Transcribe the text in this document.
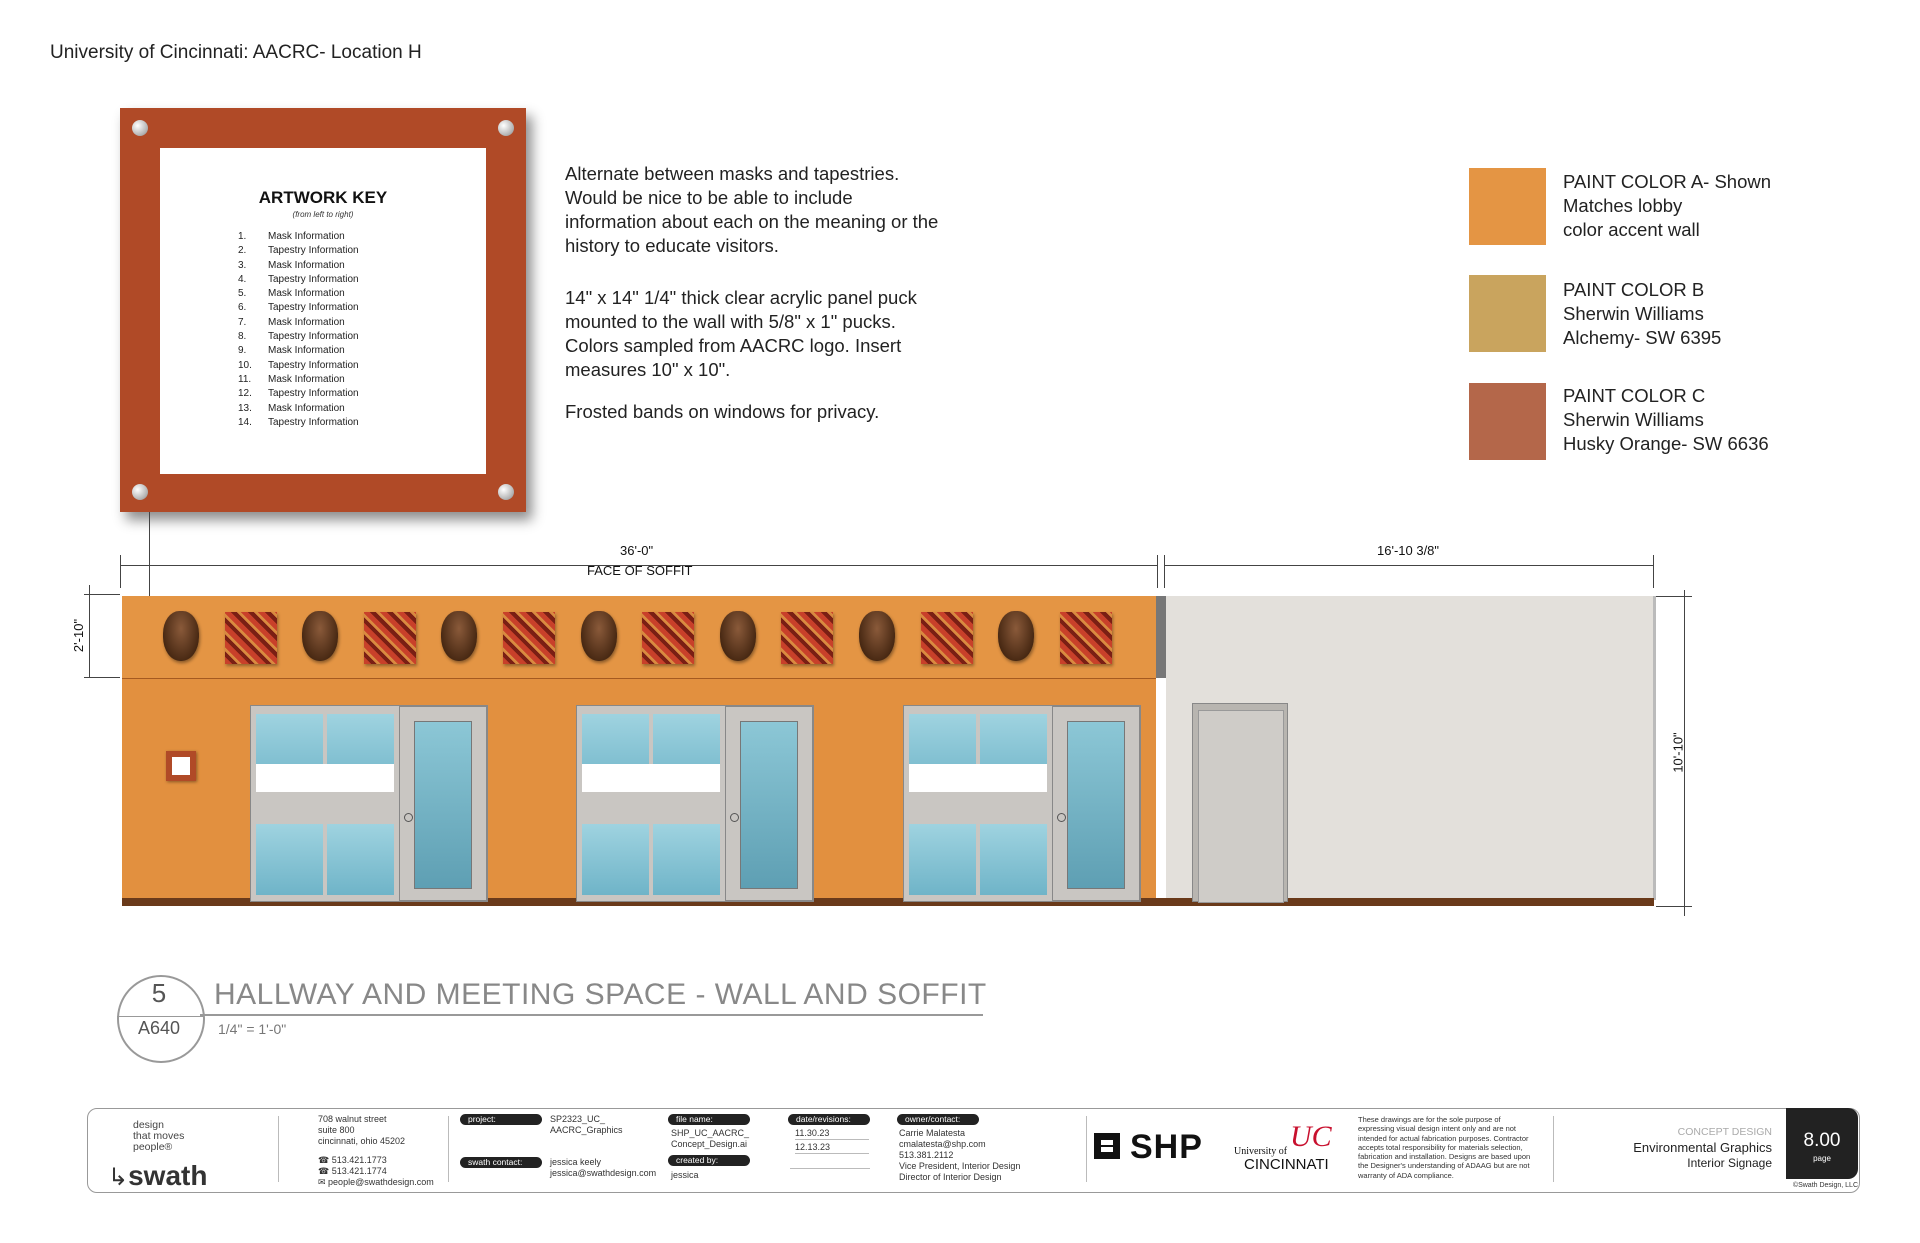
University of Cincinnati: AACRC- Location H
ARTWORK KEY
(from left to right)
1.	Mask Information
2.	Tapestry Information
3.	Mask Information
4.	Tapestry Information
5.	Mask Information
6.	Tapestry Information
7.	Mask Information
8.	Tapestry Information
9.	Mask Information
10.	Tapestry Information
11.	Mask Information
12.	Tapestry Information
13.	Mask Information
14.	Tapestry Information
Alternate between masks and tapestries. Would be nice to be able to include information about each on the meaning or the history to educate visitors.
14" x 14" 1/4" thick clear acrylic panel puck mounted to the wall with 5/8" x 1" pucks. Colors sampled from AACRC logo. Insert measures 10" x 10".
Frosted bands on windows for privacy.
PAINT COLOR A- Shown
Matches lobby
color accent wall
PAINT COLOR B
Sherwin Williams
Alchemy- SW 6395
PAINT COLOR C
Sherwin Williams
Husky Orange- SW 6636
36'-0"
FACE OF SOFFIT
16'-10 3/8"
2'-10"
10'-10"
5
A640
HALLWAY AND MEETING SPACE - WALL AND SOFFIT
1/4" = 1'-0"
design
that moves
people®
↳swath
708 walnut street
suite 800
cincinnati, ohio 45202
☎ 513.421.1773
☎ 513.421.1774
✉ people@swathdesign.com
project:	SP2323_UC_
AACRC_Graphics
swath contact:	jessica keely
jessica@swathdesign.com
file name:
SHP_UC_AACRC_
Concept_Design.ai
created by:
jessica
date/revisions:
11.30.23
12.13.23
owner/contact:
Carrie Malatesta
cmalatesta@shp.com
513.381.2112
Vice President, Interior Design
Director of Interior Design
SHP	UC
University of
CINCINNATI
These drawings are for the sole purpose of expressing visual design intent only and are not intended for actual fabrication purposes. Contractor accepts total responsibility for materials selection, fabrication and installation. Designs are based upon the Designer's understanding of ADAAG but are not warranty of ADA compliance.
CONCEPT DESIGN
Environmental Graphics
Interior Signage
8.00
page
©Swath Design, LLC
